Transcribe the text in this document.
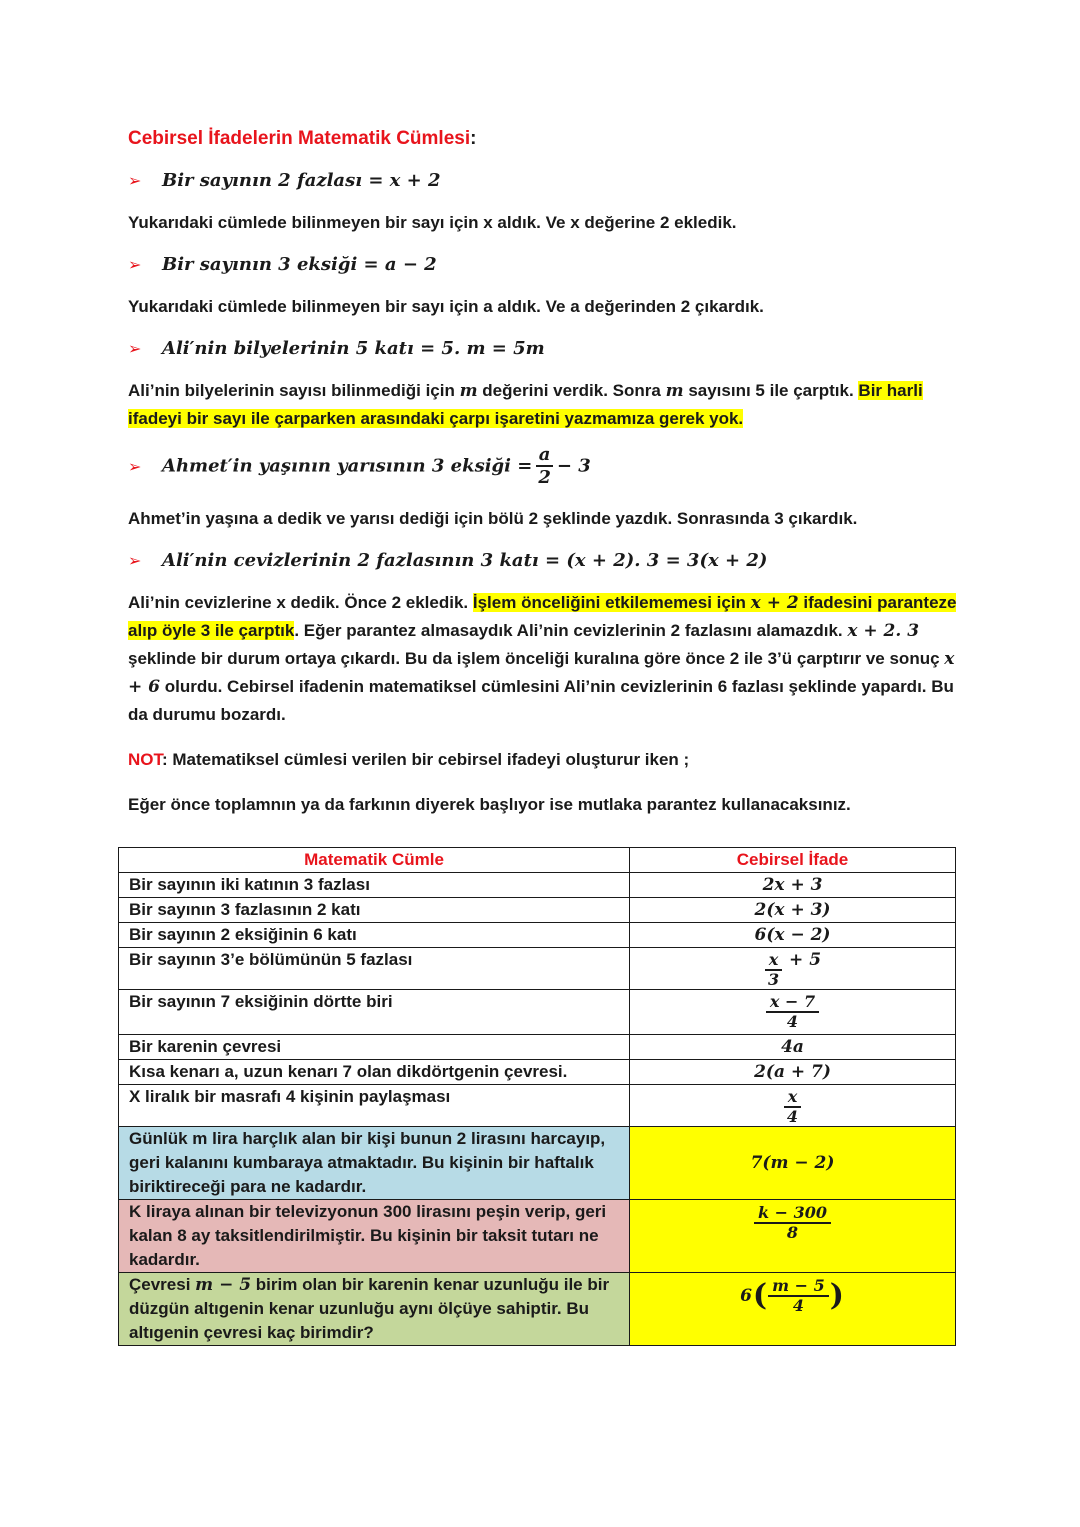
Cebirsel İfadelerin Matematik Cümlesi:
➢	Bir sayının 2 fazlası = x + 2
Yukarıdaki cümlede bilinmeyen bir sayı için x aldık. Ve x değerine 2 ekledik.
➢	Bir sayının 3 eksiği = a − 2
Yukarıdaki cümlede bilinmeyen bir sayı için a aldık. Ve a değerinden 2 çıkardık.
➢	Ali′nin bilyelerinin 5 katı = 5. m = 5m
Ali’nin bilyelerinin sayısı bilinmediği için m değerini verdik. Sonra m sayısını 5 ile çarptık. Bir harli ifadeyi bir sayı ile çarparken arasındaki çarpı işaretini yazmamıza gerek yok.
➢	Ahmet′in yaşının yarısının 3 eksiği = $\frac{a}{2} - 3$
Ahmet’in yaşına a dedik ve yarısı dediği için bölü 2 şeklinde yazdık. Sonrasında 3 çıkardık.
➢	Ali′nin cevizlerinin 2 fazlasının 3 katı = (x + 2). 3 = 3(x + 2)
Ali’nin cevizlerine x dedik. Önce 2 ekledik. İşlem önceliğini etkilememesi için x + 2 ifadesini paranteze alıp öyle 3 ile çarptık. Eğer parantez almasaydık Ali’nin cevizlerinin 2 fazlasını alamazdık. x + 2. 3 şeklinde bir durum ortaya çıkardı. Bu da işlem önceliği kuralına göre önce 2 ile 3’ü çarptırır ve sonuç x + 6 olurdu. Cebirsel ifadenin matematiksel cümlesini Ali’nin cevizlerinin 6 fazlası şeklinde yapardı. Bu da durumu bozardı.
NOT: Matematiksel cümlesi verilen bir cebirsel ifadeyi oluşturur iken ;
Eğer önce toplamnın ya da farkının diyerek başlıyor ise mutlaka parantez kullanacaksınız.
Matematik Cümle	Cebirsel İfade
Bir sayının iki katının 3 fazlası	2x + 3
Bir sayının 3 fazlasının 2 katı	2(x + 3)
Bir sayının 2 eksiğinin 6 katı	6(x − 2)
Bir sayının 3’e bölümünün 5 fazlası	$\frac{x}{3} + 5$
Bir sayının 7 eksiğinin dörtte biri	$\frac{x - 7}{4}$

Bir karenin çevresi	4a
Kısa kenarı a, uzun kenarı 7 olan dikdörtgenin çevresi.	2(a + 7)
X liralık bir masrafı 4 kişinin paylaşması	$\frac{x}{4}$

Günlük m lira harçlık alan bir kişi bunun 2 lirasını harcayıp, geri kalanını kumbaraya atmaktadır. Bu kişinin bir haftalık biriktireceği para ne kadardır.	7(m − 2)
K liraya alınan bir televizyonun 300 lirasını peşin verip, geri kalan 8 ay taksitlendirilmiştir. Bu kişinin bir taksit tutarı ne kadardır.	$\frac{k - 300}{8}$

Çevresi m − 5 birim olan bir karenin kenar uzunluğu ile bir düzgün altıgenin kenar uzunluğu aynı ölçüye sahiptir. Bu altıgenin çevresi kaç birimdir?	6 ( $\frac{m - 5}{4}$ )
